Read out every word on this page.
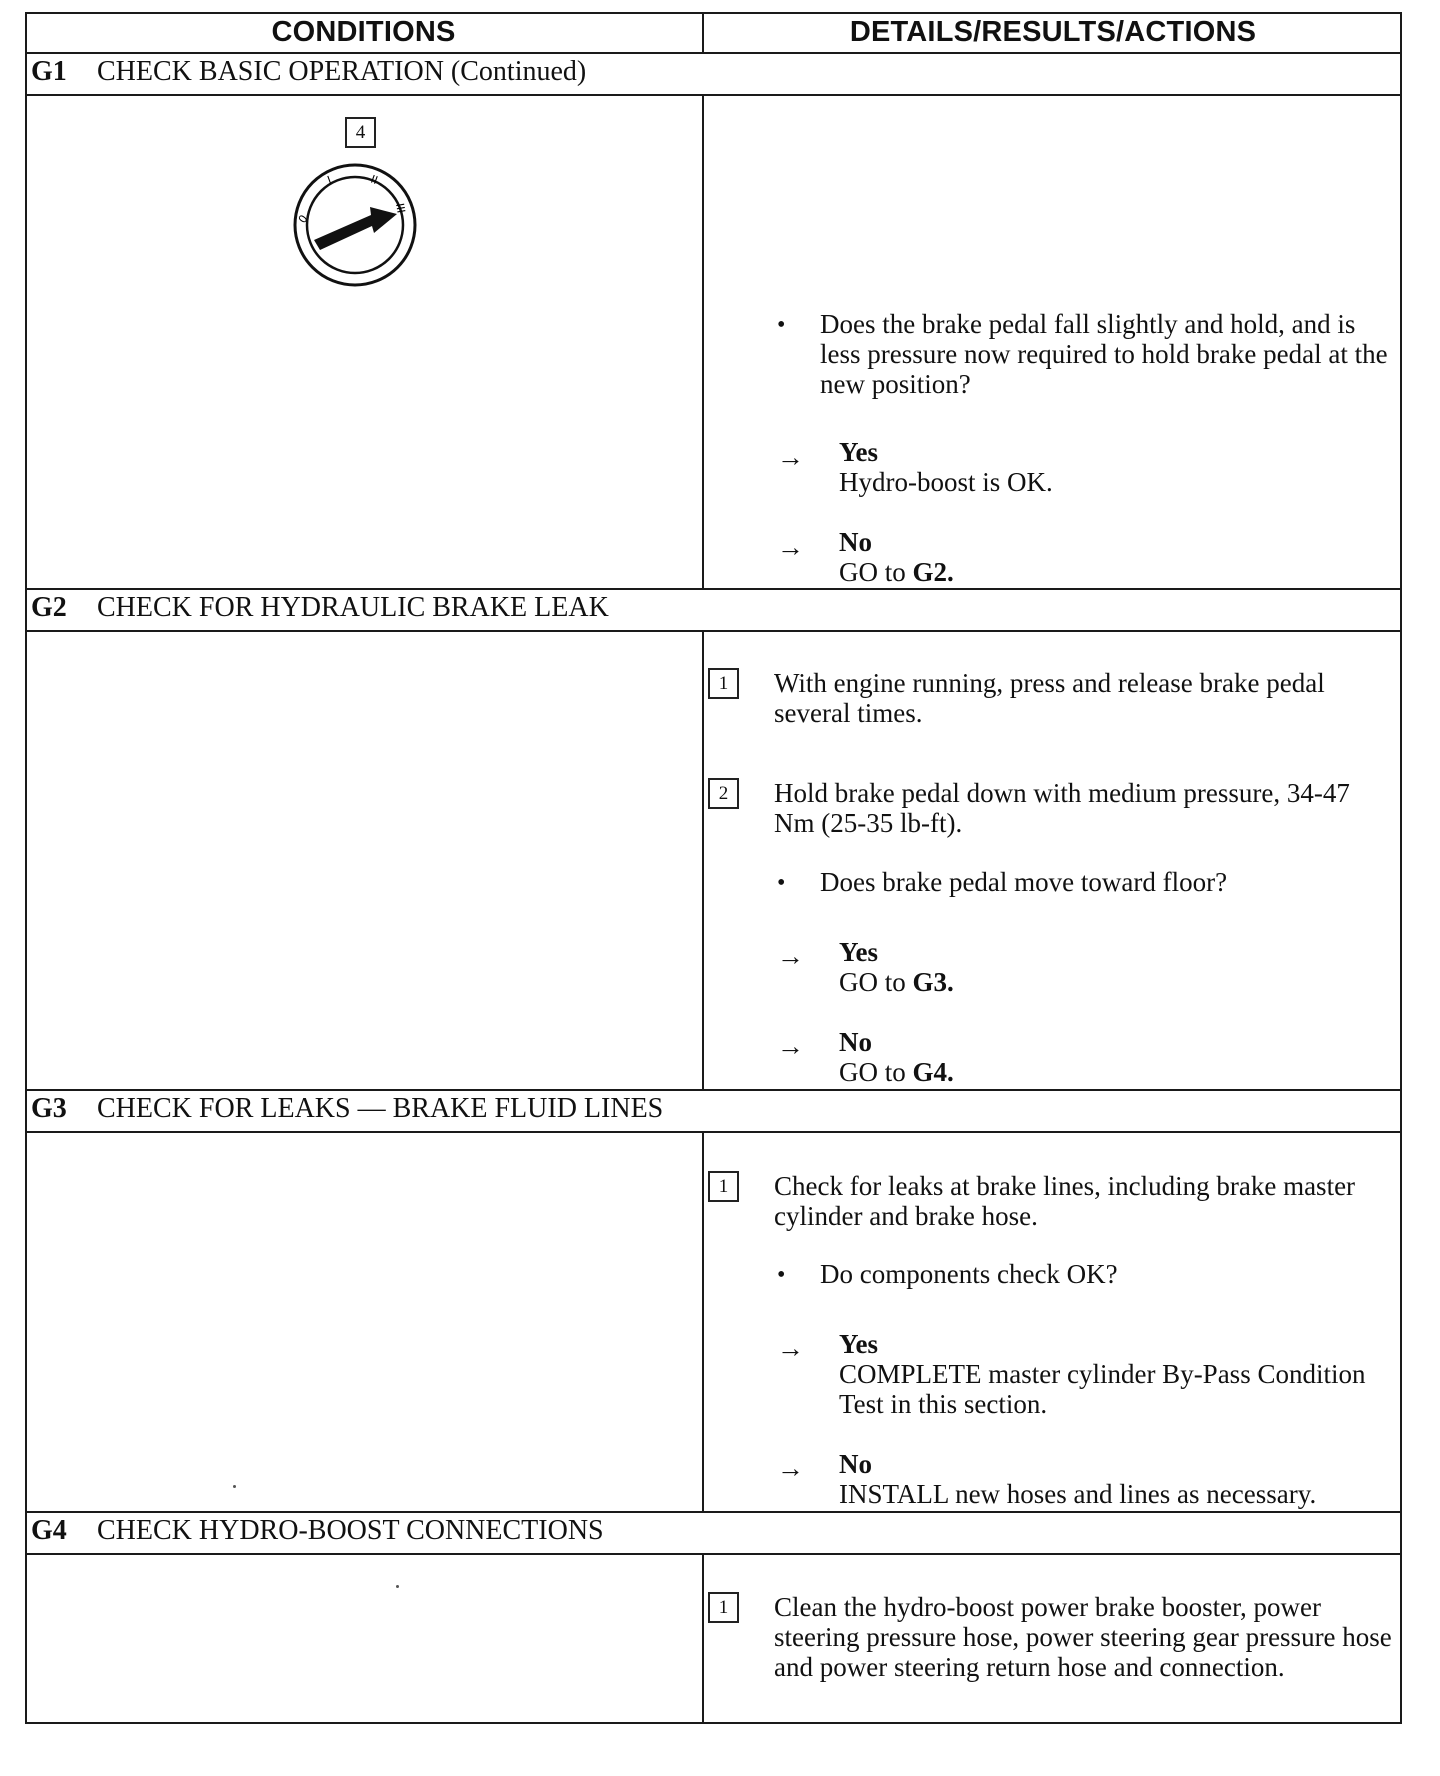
CONDITIONS	DETAILS/RESULTS/ACTIONS
G1 CHECK BASIC OPERATION (Continued)
4
0
I	II
III
• Does the brake pedal fall slightly and hold, and is less pressure now required to hold brake pedal at the new position?

→ Yes
Hydro-boost is OK.
→ No
GO to G2.
G2 CHECK FOR HYDRAULIC BRAKE LEAK
1	With engine running, press and release brake pedal several times.

2	Hold brake pedal down with medium pressure, 34-47 Nm (25-35 lb-ft).

• Does brake pedal move toward floor?

→ Yes
GO to G3.
→ No
GO to G4.
G3 CHECK FOR LEAKS — BRAKE FLUID LINES
1	Check for leaks at brake lines, including brake master cylinder and brake hose.

• Do components check OK?

→ Yes
COMPLETE master cylinder By-Pass Condition Test in this section.
→ No
INSTALL new hoses and lines as necessary.
G4 CHECK HYDRO-BOOST CONNECTIONS
1	Clean the hydro-boost power brake booster, power steering pressure hose, power steering gear pressure hose and power steering return hose and connection.
